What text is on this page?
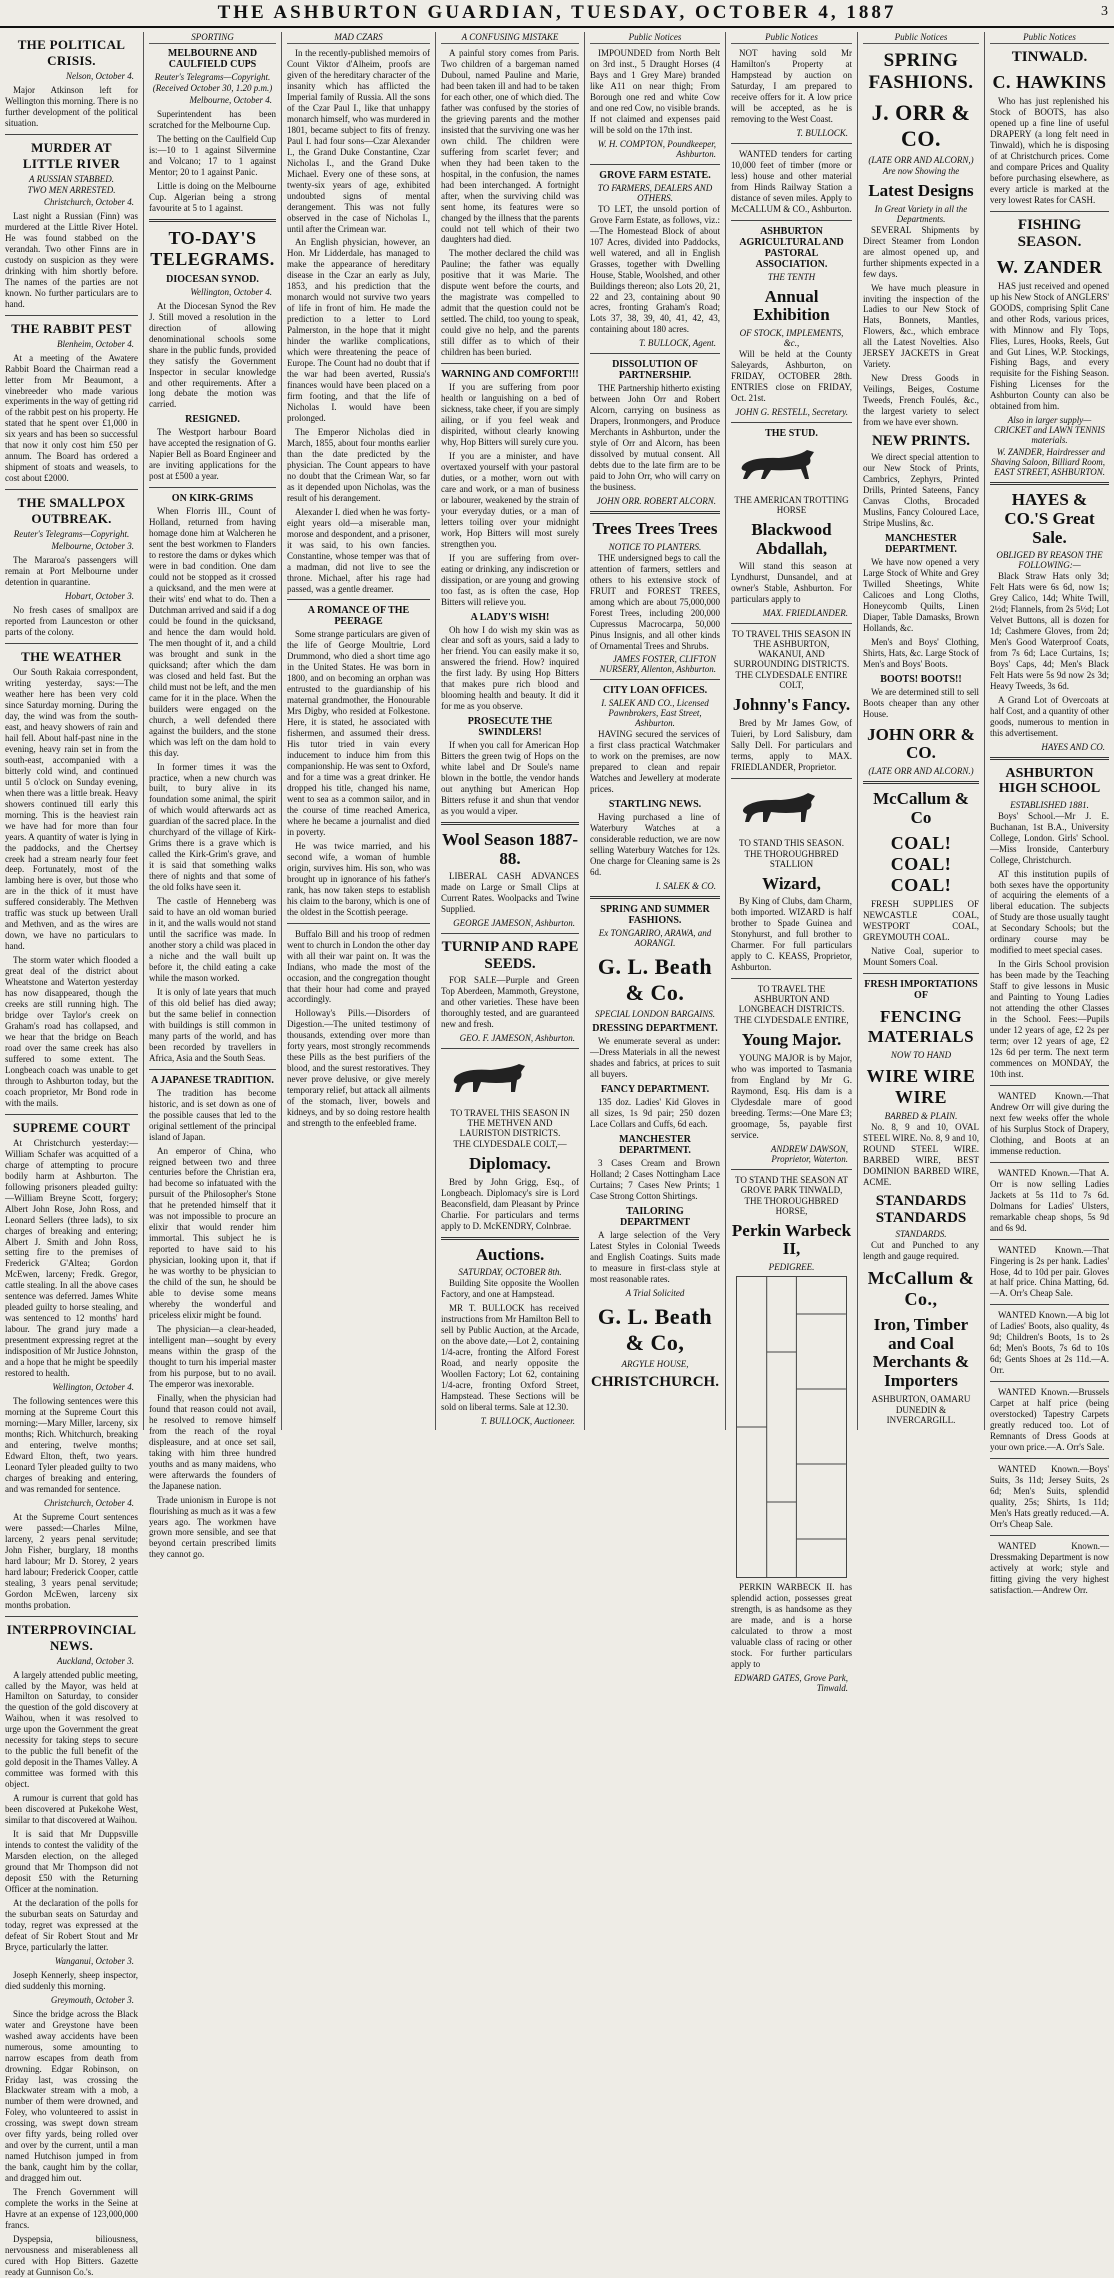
THE ASHBURTON GUARDIAN, TUESDAY, OCTOBER 4, 1887	3
THE POLITICAL CRISIS.
Nelson, October 4.

Major Atkinson left for Wellington this morning. There is no further development of the political situation.

MURDER AT LITTLE RIVER
A RUSSIAN STABBED.
TWO MEN ARRESTED.
Christchurch, October 4.

Last night a Russian (Finn) was murdered at the Little River Hotel. He was found stabbed on the verandah. Two other Finns are in custody on suspicion as they were drinking with him shortly before. The names of the parties are not known. No further particulars are to hand.

THE RABBIT PEST
Blenheim, October 4.

At a meeting of the Awatere Rabbit Board the Chairman read a letter from Mr Beaumont, a vinebreeder who made various experiments in the way of getting rid of the rabbit pest on his property. He stated that he spent over £1,000 in six years and has been so successful that now it only cost him £50 per annum. The Board has ordered a shipment of stoats and weasels, to cost about £2000.

THE SMALLPOX OUTBREAK.
Reuter's Telegrams—Copyright.
Melbourne, October 3.

The Mararoa's passengers will remain at Port Melbourne under detention in quarantine.

Hobart, October 3.

No fresh cases of smallpox are reported from Launceston or other parts of the colony.

THE WEATHER

Our South Rakaia correspondent, writing yesterday, says:—The weather here has been very cold since Saturday morning. During the day, the wind was from the south-east, and heavy showers of rain and hail fell. About half-past nine in the evening, heavy rain set in from the south-east, accompanied with a bitterly cold wind, and continued until 5 o'clock on Sunday evening, when there was a little break. Heavy showers continued till early this morning. This is the heaviest rain we have had for more than four years. A quantity of water is lying in the paddocks, and the Chertsey creek had a stream nearly four feet deep. Fortunately, most of the lambing here is over, but those who are in the thick of it must have suffered considerably. The Methven traffic was stuck up between Urall and Methven, and as the wires are down, we have no particulars to hand.

The storm water which flooded a great deal of the district about Wheatstone and Waterton yesterday has now disappeared, though the creeks are still running high. The bridge over Taylor's creek on Graham's road has collapsed, and we hear that the bridge on Beach road over the same creek has also suffered to some extent. The Longbeach coach was unable to get through to Ashburton today, but the coach proprietor, Mr Bond rode in with the mails.

SUPREME COURT

At Christchurch yesterday:—William Schafer was acquitted of a charge of attempting to procure bodily harm at Ashburton. The following prisoners pleaded guilty:—William Breyne Scott, forgery; Albert John Rose, John Ross, and Leonard Sellers (three lads), to six charges of breaking and entering; Albert J. Smith and John Ross, setting fire to the premises of Frederick G'Altea; Gordon McEwen, larceny; Fredk. Gregor, cattle stealing. In all the above cases sentence was deferred. James White pleaded guilty to horse stealing, and was sentenced to 12 months' hard labour. The grand jury made a presentment expressing regret at the indisposition of Mr Justice Johnston, and a hope that he might be speedily restored to health.

Wellington, October 4.

The following sentences were this morning at the Supreme Court this morning:—Mary Miller, larceny, six months; Rich. Whitchurch, breaking and entering, twelve months; Edward Elton, theft, two years. Leonard Tyler pleaded guilty to two charges of breaking and entering, and was remanded for sentence.

Christchurch, October 4.

At the Supreme Court sentences were passed:—Charles Milne, larceny, 2 years penal servitude; John Fisher, burglary, 18 months hard labour; Mr D. Storey, 2 years hard labour; Frederick Cooper, cattle stealing, 3 years penal servitude; Gordon McEwen, larceny six months probation.

INTERPROVINCIAL NEWS.
Auckland, October 3.

A largely attended public meeting, called by the Mayor, was held at Hamilton on Saturday, to consider the question of the gold discovery at Waihou, when it was resolved to urge upon the Government the great necessity for taking steps to secure to the public the full benefit of the gold deposit in the Thames Valley. A committee was formed with this object.

A rumour is current that gold has been discovered at Pukekohe West, similar to that discovered at Waihou.

It is said that Mr Duppsville intends to contest the validity of the Marsden election, on the alleged ground that Mr Thompson did not deposit £50 with the Returning Officer at the nomination.

At the declaration of the polls for the suburban seats on Saturday and today, regret was expressed at the defeat of Sir Robert Stout and Mr Bryce, particularly the latter.

Wanganui, October 3.

Joseph Kennerly, sheep inspector, died suddenly this morning.

Greymouth, October 3.

Since the bridge across the Black water and Greystone have been washed away accidents have been numerous, some amounting to narrow escapes from death from drowning. Edgar Robinson, on Friday last, was crossing the Blackwater stream with a mob, a number of them were drowned, and Foley, who volunteered to assist in crossing, was swept down stream over fifty yards, being rolled over and over by the current, until a man named Hutchison jumped in from the bank, caught him by the collar, and dragged him out.

The French Government will complete the works in the Seine at Havre at an expense of 123,000,000 francs.

Dyspepsia, biliousness, nervousness and miserableness all cured with Hop Bitters. Gazette ready at Gunnison Co.'s.

SPORTING
MELBOURNE AND CAULFIELD CUPS
Reuter's Telegrams—Copyright.
(Received October 30, 1.20 p.m.)
Melbourne, October 4.

Superintendent has been scratched for the Melbourne Cup.

The betting on the Caulfield Cup is:—10 to 1 against Silvermine and Volcano; 17 to 1 against Mentor; 20 to 1 against Panic.

Little is doing on the Melbourne Cup. Algerian being a strong favourite at 5 to 1 against.

TO-DAY'S TELEGRAMS.
DIOCESAN SYNOD.
Wellington, October 4.

At the Diocesan Synod the Rev J. Still moved a resolution in the direction of allowing denominational schools some share in the public funds, provided they satisfy the Government Inspector in secular knowledge and other requirements. After a long debate the motion was carried.

RESIGNED.

The Westport harbour Board have accepted the resignation of G. Napier Bell as Board Engineer and are inviting applications for the post at £500 a year.

ON KIRK-GRIMS

When Florris III., Count of Holland, returned from having homage done him at Walcheren he sent the best workmen to Flanders to restore the dams or dykes which were in bad condition. One dam could not be stopped as it crossed a quicksand, and the men were at their wits' end what to do. Then a Dutchman arrived and said if a dog could be found in the quicksand, and hence the dam would hold. The men thought of it, and a child was brought and sunk in the quicksand; after which the dam was closed and held fast. But the child must not be left, and the men came for it in the place. When the builders were engaged on the church, a well defended there against the builders, and the stone which was left on the dam hold to this day.

In former times it was the practice, when a new church was built, to bury alive in its foundation some animal, the spirit of which would afterwards act as guardian of the sacred place. In the churchyard of the village of Kirk-Grims there is a grave which is called the Kirk-Grim's grave, and it is said that something walks there of nights and that some of the old folks have seen it.

The castle of Henneberg was said to have an old woman buried in it, and the walls would not stand until the sacrifice was made. In another story a child was placed in a niche and the wall built up before it, the child eating a cake while the mason worked.

It is only of late years that much of this old belief has died away; but the same belief in connection with buildings is still common in many parts of the world, and has been recorded by travellers in Africa, Asia and the South Seas.

A JAPANESE TRADITION.

The tradition has become historic, and is set down as one of the possible causes that led to the original settlement of the principal island of Japan.

An emperor of China, who reigned between two and three centuries before the Christian era, had become so infatuated with the pursuit of the Philosopher's Stone that he pretended himself that it was not impossible to procure an elixir that would render him immortal. This subject he is reported to have said to his physician, looking upon it, that if he was worthy to be physician to the child of the sun, he should be able to devise some means whereby the wonderful and priceless elixir might be found.

The physician—a clear-headed, intelligent man—sought by every means within the grasp of the thought to turn his imperial master from his purpose, but to no avail. The emperor was inexorable.

Finally, when the physician had found that reason could not avail, he resolved to remove himself from the reach of the royal displeasure, and at once set sail, taking with him three hundred youths and as many maidens, who were afterwards the founders of the Japanese nation.

Trade unionism in Europe is not flourishing as much as it was a few years ago. The workmen have grown more sensible, and see that beyond certain prescribed limits they cannot go.

MAD CZARS

In the recently-published memoirs of Count Viktor d'Alheim, proofs are given of the hereditary character of the insanity which has afflicted the Imperial family of Russia. All the sons of the Czar Paul I., like that unhappy monarch himself, who was murdered in 1801, became subject to fits of frenzy. Paul I. had four sons—Czar Alexander I., the Grand Duke Constantine, Czar Nicholas I., and the Grand Duke Michael. Every one of these sons, at twenty-six years of age, exhibited undoubted signs of mental derangement. This was not fully observed in the case of Nicholas I., until after the Crimean war.

An English physician, however, an Hon. Mr Lidderdale, has managed to make the appearance of hereditary disease in the Czar an early as July, 1853, and his prediction that the monarch would not survive two years of life in front of him. He made the prediction to a letter to Lord Palmerston, in the hope that it might hinder the warlike complications, which were threatening the peace of Europe. The Count had no doubt that if the war had been averted, Russia's finances would have been placed on a firm footing, and that the life of Nicholas I. would have been prolonged.

The Emperor Nicholas died in March, 1855, about four months earlier than the date predicted by the physician. The Count appears to have no doubt that the Crimean War, so far as it depended upon Nicholas, was the result of his derangement.

Alexander I. died when he was forty-eight years old—a miserable man, morose and despondent, and a prisoner, it was said, to his own fancies. Constantine, whose temper was that of a madman, did not live to see the throne. Michael, after his rage had passed, was a gentle dreamer.

A ROMANCE OF THE PEERAGE

Some strange particulars are given of the life of George Moultrie, Lord Drummond, who died a short time ago in the United States. He was born in 1800, and on becoming an orphan was entrusted to the guardianship of his maternal grandmother, the Honourable Mrs Digby, who resided at Folkestone. Here, it is stated, he associated with fishermen, and assumed their dress. His tutor tried in vain every inducement to induce him from this companionship. He was sent to Oxford, and for a time was a great drinker. He dropped his title, changed his name, went to sea as a common sailor, and in the course of time reached America, where he became a journalist and died in poverty.

He was twice married, and his second wife, a woman of humble origin, survives him. His son, who was brought up in ignorance of his father's rank, has now taken steps to establish his claim to the barony, which is one of the oldest in the Scottish peerage.

Buffalo Bill and his troop of redmen went to church in London the other day with all their war paint on. It was the Indians, who made the most of the occasion, and the congregation thought that their hour had come and prayed accordingly.

Holloway's Pills.—Disorders of Digestion.—The united testimony of thousands, extending over more than forty years, most strongly recommends these Pills as the best purifiers of the blood, and the surest restoratives. They never prove delusive, or give merely temporary relief, but attack all ailments of the stomach, liver, bowels and kidneys, and by so doing restore health and strength to the enfeebled frame.

A CONFUSING MISTAKE

A painful story comes from Paris. Two children of a bargeman named Duboul, named Pauline and Marie, had been taken ill and had to be taken for each other, one of which died. The father was confused by the stories of the grieving parents and the mother insisted that the surviving one was her own child. The children were suffering from scarlet fever; and when they had been taken to the hospital, in the confusion, the names had been interchanged. A fortnight after, when the surviving child was sent home, its features were so changed by the illness that the parents could not tell which of their two daughters had died.

The mother declared the child was Pauline; the father was equally positive that it was Marie. The dispute went before the courts, and the magistrate was compelled to admit that the question could not be settled. The child, too young to speak, could give no help, and the parents still differ as to which of their children has been buried.

WARNING AND COMFORT!!!

If you are suffering from poor health or languishing on a bed of sickness, take cheer, if you are simply ailing, or if you feel weak and dispirited, without clearly knowing why, Hop Bitters will surely cure you.

If you are a minister, and have overtaxed yourself with your pastoral duties, or a mother, worn out with care and work, or a man of business or labourer, weakened by the strain of your everyday duties, or a man of letters toiling over your midnight work, Hop Bitters will most surely strengthen you.

If you are suffering from over-eating or drinking, any indiscretion or dissipation, or are young and growing too fast, as is often the case, Hop Bitters will relieve you.

A LADY'S WISH!

Oh how I do wish my skin was as clear and soft as yours, said a lady to her friend. You can easily make it so, answered the friend. How? inquired the first lady. By using Hop Bitters that makes pure rich blood and blooming health and beauty. It did it for me as you observe.

PROSECUTE THE SWINDLERS!

If when you call for American Hop Bitters the green twig of Hops on the white label and Dr Soule's name blown in the bottle, the vendor hands out anything but American Hop Bitters refuse it and shun that vendor as you would a viper.

Wool Season 1887-88.

LIBERAL CASH ADVANCES made on Large or Small Clips at Current Rates. Woolpacks and Twine Supplied.

GEORGE JAMESON, Ashburton.
TURNIP AND RAPE SEEDS.

FOR SALE—Purple and Green Top Aberdeen, Mammoth, Greystone, and other varieties. These have been thoroughly tested, and are guaranteed new and fresh.

GEO. F. JAMESON, Ashburton.
TO TRAVEL THIS SEASON IN THE METHVEN AND LAURISTON DISTRICTS.
THE CLYDESDALE COLT,—
Diplomacy.

Bred by John Grigg, Esq., of Longbeach. Diplomacy's sire is Lord Beaconsfield, dam Pleasant by Prince Charlie. For particulars and terms apply to D. McKENDRY, Colnbrae.

Auctions.
SATURDAY, OCTOBER 8th.

Building Site opposite the Woollen Factory, and one at Hampstead.

MR T. BULLOCK has received instructions from Mr Hamilton Bell to sell by Public Auction, at the Arcade, on the above date,—Lot 2, containing 1/4-acre, fronting the Alford Forest Road, and nearly opposite the Woollen Factory; Lot 62, containing 1/4-acre, fronting Oxford Street, Hampstead. These Sections will be sold on liberal terms. Sale at 12.30.

T. BULLOCK, Auctioneer.
Public Notices

IMPOUNDED from North Belt on 3rd inst., 5 Draught Horses (4 Bays and 1 Grey Mare) branded like A11 on near thigh; From Borough one red and white Cow and one red Cow, no visible brands. If not claimed and expenses paid will be sold on the 17th inst.

W. H. COMPTON, Poundkeeper, Ashburton.
GROVE FARM ESTATE.
TO FARMERS, DEALERS AND OTHERS.

TO LET, the unsold portion of Grove Farm Estate, as follows, viz.:—The Homestead Block of about 107 Acres, divided into Paddocks, well watered, and all in English Grasses, together with Dwelling House, Stable, Woolshed, and other Buildings thereon; also Lots 20, 21, 22 and 23, containing about 90 acres, fronting Graham's Road; Lots 37, 38, 39, 40, 41, 42, 43, containing about 180 acres.

T. BULLOCK, Agent.
DISSOLUTION OF PARTNERSHIP.

THE Partnership hitherto existing between John Orr and Robert Alcorn, carrying on business as Drapers, Ironmongers, and Produce Merchants in Ashburton, under the style of Orr and Alcorn, has been dissolved by mutual consent. All debts due to the late firm are to be paid to John Orr, who will carry on the business.

JOHN ORR. ROBERT ALCORN.
Trees Trees Trees
NOTICE TO PLANTERS.

THE undersigned begs to call the attention of farmers, settlers and others to his extensive stock of FRUIT and FOREST TREES, among which are about 75,000,000 Forest Trees, including 200,000 Cupressus Macrocarpa, 50,000 Pinus Insignis, and all other kinds of Ornamental Trees and Shrubs.

JAMES FOSTER, CLIFTON NURSERY, Allenton, Ashburton.
CITY LOAN OFFICES.
I. SALEK AND CO., Licensed Pawnbrokers, East Street, Ashburton.

HAVING secured the services of a first class practical Watchmaker to work on the premises, are now prepared to clean and repair Watches and Jewellery at moderate prices.

STARTLING NEWS.

Having purchased a line of Waterbury Watches at a considerable reduction, we are now selling Waterbury Watches for 12s. One charge for Cleaning same is 2s 6d.

I. SALEK & CO.
SPRING AND SUMMER FASHIONS.
Ex TONGARIRO, ARAWA, and AORANGI.
G. L. Beath & Co.
SPECIAL LONDON BARGAINS.
DRESSING DEPARTMENT.

We enumerate several as under:—Dress Materials in all the newest shades and fabrics, at prices to suit all buyers.

FANCY DEPARTMENT.

135 doz. Ladies' Kid Gloves in all sizes, 1s 9d pair; 250 dozen Lace Collars and Cuffs, 6d each.

MANCHESTER DEPARTMENT.

3 Cases Cream and Brown Holland; 2 Cases Nottingham Lace Curtains; 7 Cases New Prints; 1 Case Strong Cotton Shirtings.

TAILORING DEPARTMENT

A large selection of the Very Latest Styles in Colonial Tweeds and English Coatings. Suits made to measure in first-class style at most reasonable rates.

A Trial Solicited
G. L. Beath & Co,
ARGYLE HOUSE,
CHRISTCHURCH.
Public Notices

NOT having sold Mr Hamilton's Property at Hampstead by auction on Saturday, I am prepared to receive offers for it. A low price will be accepted, as he is removing to the West Coast.

T. BULLOCK.

WANTED tenders for carting 10,000 feet of timber (more or less) house and other material from Hinds Railway Station a distance of seven miles. Apply to McCALLUM & CO., Ashburton.

ASHBURTON AGRICULTURAL AND PASTORAL ASSOCIATION.
THE TENTH
Annual Exhibition
OF STOCK, IMPLEMENTS, &c.,

Will be held at the County Saleyards, Ashburton, on FRIDAY, OCTOBER 28th. ENTRIES close on FRIDAY, Oct. 21st.

JOHN G. RESTELL, Secretary.
THE STUD.
THE AMERICAN TROTTING HORSE
Blackwood Abdallah,

Will stand this season at Lyndhurst, Dunsandel, and at owner's Stable, Ashburton. For particulars apply to

MAX. FRIEDLANDER.
TO TRAVEL THIS SEASON IN THE ASHBURTON, WAKANUI, AND SURROUNDING DISTRICTS.
THE CLYDESDALE ENTIRE COLT,
Johnny's Fancy.

Bred by Mr James Gow, of Tuieri, by Lord Salisbury, dam Sally Dell. For particulars and terms, apply to MAX. FRIEDLANDER, Proprietor.

TO STAND THIS SEASON.
THE THOROUGHBRED STALLION
Wizard,

By King of Clubs, dam Charm, both imported. WIZARD is half brother to Spade Guinea and Stonyhurst, and full brother to Charmer. For full particulars apply to C. KEASS, Proprietor, Ashburton.

TO TRAVEL THE ASHBURTON AND LONGBEACH DISTRICTS.
THE CLYDESDALE ENTIRE,
Young Major.

YOUNG MAJOR is by Major, who was imported to Tasmania from England by Mr G. Raymond, Esq. His dam is a Clydesdale mare of good breeding. Terms:—One Mare £3; groomage, 5s, payable first service.

ANDREW DAWSON, Proprietor, Waterton.
TO STAND THE SEASON AT GROVE PARK TINWALD,
THE THOROUGHBRED HORSE,
Perkin Warbeck II,
PEDIGREE.

PERKIN WARBECK II. has splendid action, possesses great strength, is as handsome as they are made, and is a horse calculated to throw a most valuable class of racing or other stock. For further particulars apply to

EDWARD GATES, Grove Park, Tinwald.
Public Notices
SPRING FASHIONS.
J. ORR & CO.
(LATE ORR AND ALCORN,)
Are now Showing the
Latest Designs
In Great Variety in all the Departments.

SEVERAL Shipments by Direct Steamer from London are almost opened up, and further shipments expected in a few days.

We have much pleasure in inviting the inspection of the Ladies to our New Stock of Hats, Bonnets, Mantles, Flowers, &c., which embrace all the Latest Novelties. Also JERSEY JACKETS in Great Variety.

New Dress Goods in Veilings, Beiges, Costume Tweeds, French Foulés, &c., the largest variety to select from we have ever shown.

NEW PRINTS.

We direct special attention to our New Stock of Prints, Cambrics, Zephyrs, Printed Drills, Printed Sateens, Fancy Canvas Cloths, Brocaded Muslins, Fancy Coloured Lace, Stripe Muslins, &c.

MANCHESTER DEPARTMENT.

We have now opened a very Large Stock of White and Grey Twilled Sheetings, White Calicoes and Long Cloths, Honeycomb Quilts, Linen Diaper, Table Damasks, Brown Hollands, &c.

Men's and Boys' Clothing, Shirts, Hats, &c. Large Stock of Men's and Boys' Boots.

BOOTS! BOOTS!!

We are determined still to sell Boots cheaper than any other House.

JOHN ORR & CO.
(LATE ORR AND ALCORN.)
McCallum & Co
COAL! COAL! COAL!

FRESH SUPPLIES OF NEWCASTLE COAL, WESTPORT COAL, GREYMOUTH COAL.

Native Coal, superior to Mount Somers Coal.

FRESH IMPORTATIONS OF
FENCING MATERIALS
NOW TO HAND
WIRE WIRE WIRE
BARBED & PLAIN.

No. 8, 9 and 10, OVAL STEEL WIRE. No. 8, 9 and 10, ROUND STEEL WIRE. BARBED WIRE, BEST DOMINION BARBED WIRE, ACME.

STANDARDS STANDARDS
STANDARDS.

Cut and Punched to any length and gauge required.

McCallum & Co.,
Iron, Timber and Coal Merchants & Importers
ASHBURTON, OAMARU
DUNEDIN & INVERCARGILL.
Public Notices
TINWALD.
C. HAWKINS

Who has just replenished his Stock of BOOTS, has also opened up a fine line of useful DRAPERY (a long felt need in Tinwald), which he is disposing of at Christchurch prices. Come and compare Prices and Quality before purchasing elsewhere, as every article is marked at the very lowest Rates for CASH.

FISHING SEASON.
W. ZANDER

HAS just received and opened up his New Stock of ANGLERS' GOODS, comprising Split Cane and other Rods, various prices, with Minnow and Fly Tops, Flies, Lures, Hooks, Reels, Gut and Gut Lines, W.P. Stockings, Fishing Bags, and every requisite for the Fishing Season. Fishing Licenses for the Ashburton County can also be obtained from him.

Also in larger supply—CRICKET and LAWN TENNIS materials.
W. ZANDER, Hairdresser and Shaving Saloon, Billiard Room, EAST STREET, ASHBURTON.
HAYES & CO.'S Great Sale.
OBLIGED BY REASON THE FOLLOWING:—

Black Straw Hats only 3d; Felt Hats were 6s 6d, now 1s; Grey Calico, 14d; White Twill, 2½d; Flannels, from 2s 5½d; Lot Velvet Buttons, all is dozen for 1d; Cashmere Gloves, from 2d; Men's Good Waterproof Coats, from 7s 6d; Lace Curtains, 1s; Boys' Caps, 4d; Men's Black Felt Hats were 5s 9d now 2s 3d; Heavy Tweeds, 3s 6d.

A Grand Lot of Overcoats at half Cost, and a quantity of other goods, numerous to mention in this advertisement.

HAYES AND CO.
ASHBURTON HIGH SCHOOL
ESTABLISHED 1881.

Boys' School.—Mr J. E. Buchanan, 1st B.A., University College, London. Girls' School.—Miss Ironside, Canterbury College, Christchurch.

AT this institution pupils of both sexes have the opportunity of acquiring the elements of a liberal education. The subjects of Study are those usually taught at Secondary Schools; but the ordinary course may be modified to meet special cases.

In the Girls School provision has been made by the Teaching Staff to give lessons in Music and Painting to Young Ladies not attending the other Classes in the School. Fees:—Pupils under 12 years of age, £2 2s per term; over 12 years of age, £2 12s 6d per term. The next term commences on MONDAY, the 10th inst.

WANTED Known.—That Andrew Orr will give during the next few weeks offer the whole of his Surplus Stock of Drapery, Clothing, and Boots at an immense reduction.

WANTED Known.—That A. Orr is now selling Ladies Jackets at 5s 11d to 7s 6d. Dolmans for Ladies' Ulsters, remarkable cheap shops, 5s 9d and 6s 9d.

WANTED Known.—That Fingering is 2s per hank. Ladies' Hose, 4d to 10d per pair. Gloves at half price. China Matting, 6d.—A. Orr's Cheap Sale.

WANTED Known.—A big lot of Ladies' Boots, also quality, 4s 9d; Children's Boots, 1s to 2s 6d; Men's Boots, 7s 6d to 10s 6d; Gents Shoes at 2s 11d.—A. Orr.

WANTED Known.—Brussels Carpet at half price (being overstocked) Tapestry Carpets greatly reduced too. Lot of Remnants of Dress Goods at your own price.—A. Orr's Sale.

WANTED Known.—Boys' Suits, 3s 11d; Jersey Suits, 2s 6d; Men's Suits, splendid quality, 25s; Shirts, 1s 11d; Men's Hats greatly reduced.—A. Orr's Cheap Sale.

WANTED Known.—Dressmaking Department is now actively at work; style and fitting giving the very highest satisfaction.—Andrew Orr.
